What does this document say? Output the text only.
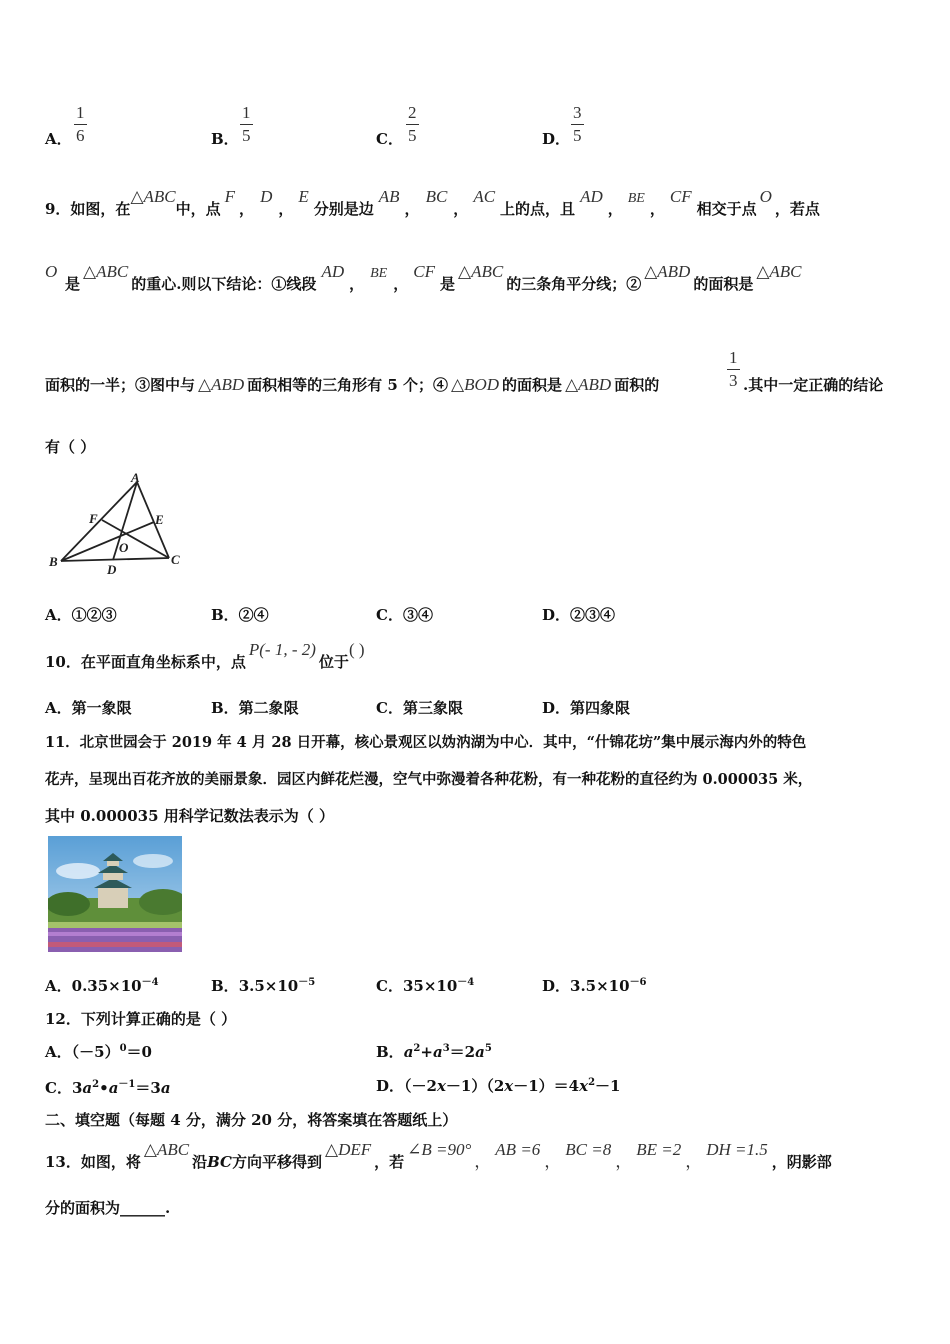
A． $\frac{1}{6}$	B． $\frac{1}{5}$	C． $\frac{2}{5}$	D． $\frac{3}{5}$
9．如图，在△ABC中，点F，D，E分别是边AB，BC，AC上的点，且AD，BE，CF相交于点O，若点
O是△ABC的重心.则以下结论：①线段AD，BE，CF是△ABC的三条角平分线；②△ABD的面积是△ABC
面积的一半；③图中与 △ABD 面积相等的三角形有 5 个；④ △BOD 的面积是 △ABD 面积的	$\frac{1}{3}$ .其中一定正确的结论
有（ ）
A
B	C
D
E
F
O
A．①②③	B．②④	C．③④	D．②③④
10．在平面直角坐标系中，点P(- 1, - 2)位于( )
A．第一象限	B．第二象限	C．第三象限	D．第四象限
11．北京世园会于 2019 年 4 月 28 日开幕，核心景观区以妫汭湖为中心．其中，“什锦花坊”集中展示海内外的特色
花卉，呈现出百花齐放的美丽景象．园区内鲜花烂漫，空气中弥漫着各种花粉，有一种花粉的直径约为 0.000035 米，
其中 0.000035 用科学记数法表示为（ ）
A．$0.35\times 10^{-4}$	B．$3.5\times 10^{-5}$	C．$35\times 10^{-4}$	D．$3.5\times 10^{-6}$
12．下列计算正确的是（ ）
A．$(-5)^0=0$	B．$a^2+a^3=2a^5$
C．$3a^2•a^{-1}=3a$	D．$(-2x-1)(2x-1)=4x^2-1$
二、填空题（每题 4 分，满分 20 分，将答案填在答题纸上）
13．如图，将△ABC沿BC方向平移得到△DEF，若∠B =90°，AB =6，BC =8，BE =2，DH =1.5，阴影部
分的面积为______.
